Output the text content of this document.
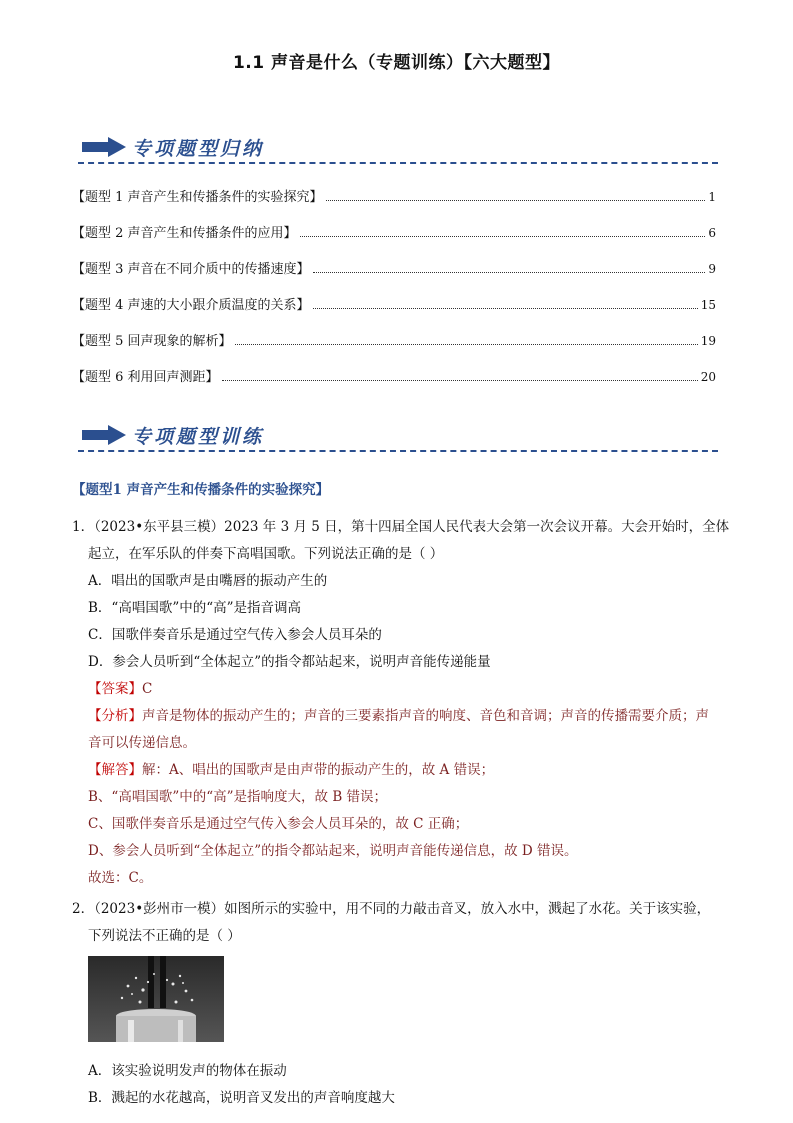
1.1 声音是什么（专题训练）【六大题型】
专项题型归纳
【题型 1 声音产生和传播条件的实验探究】	1
【题型 2 声音产生和传播条件的应用】	6
【题型 3 声音在不同介质中的传播速度】	9
【题型 4 声速的大小跟介质温度的关系】	15
【题型 5 回声现象的解析】	19
【题型 6 利用回声测距】	20
专项题型训练
【题型1 声音产生和传播条件的实验探究】
1．（2023•东平县三模）2023 年 3 月 5 日，第十四届全国人民代表大会第一次会议开幕。大会开始时，全体
起立，在军乐队的伴奏下高唱国歌。下列说法正确的是（ ）
A．唱出的国歌声是由嘴唇的振动产生的
B．“高唱国歌”中的“高”是指音调高
C．国歌伴奏音乐是通过空气传入参会人员耳朵的
D．参会人员听到“全体起立”的指令都站起来，说明声音能传递能量
【答案】C
【分析】声音是物体的振动产生的；声音的三要素指声音的响度、音色和音调；声音的传播需要介质；声
音可以传递信息。
【解答】解：A、唱出的国歌声是由声带的振动产生的，故 A 错误；
B、“高唱国歌”中的“高”是指响度大，故 B 错误；
C、国歌伴奏音乐是通过空气传入参会人员耳朵的，故 C 正确；
D、参会人员听到“全体起立”的指令都站起来，说明声音能传递信息，故 D 错误。
故选：C。
2．（2023•彭州市一模）如图所示的实验中，用不同的力敲击音叉，放入水中，溅起了水花。关于该实验，
下列说法不正确的是（ ）
A．该实验说明发声的物体在振动
B．溅起的水花越高，说明音叉发出的声音响度越大
